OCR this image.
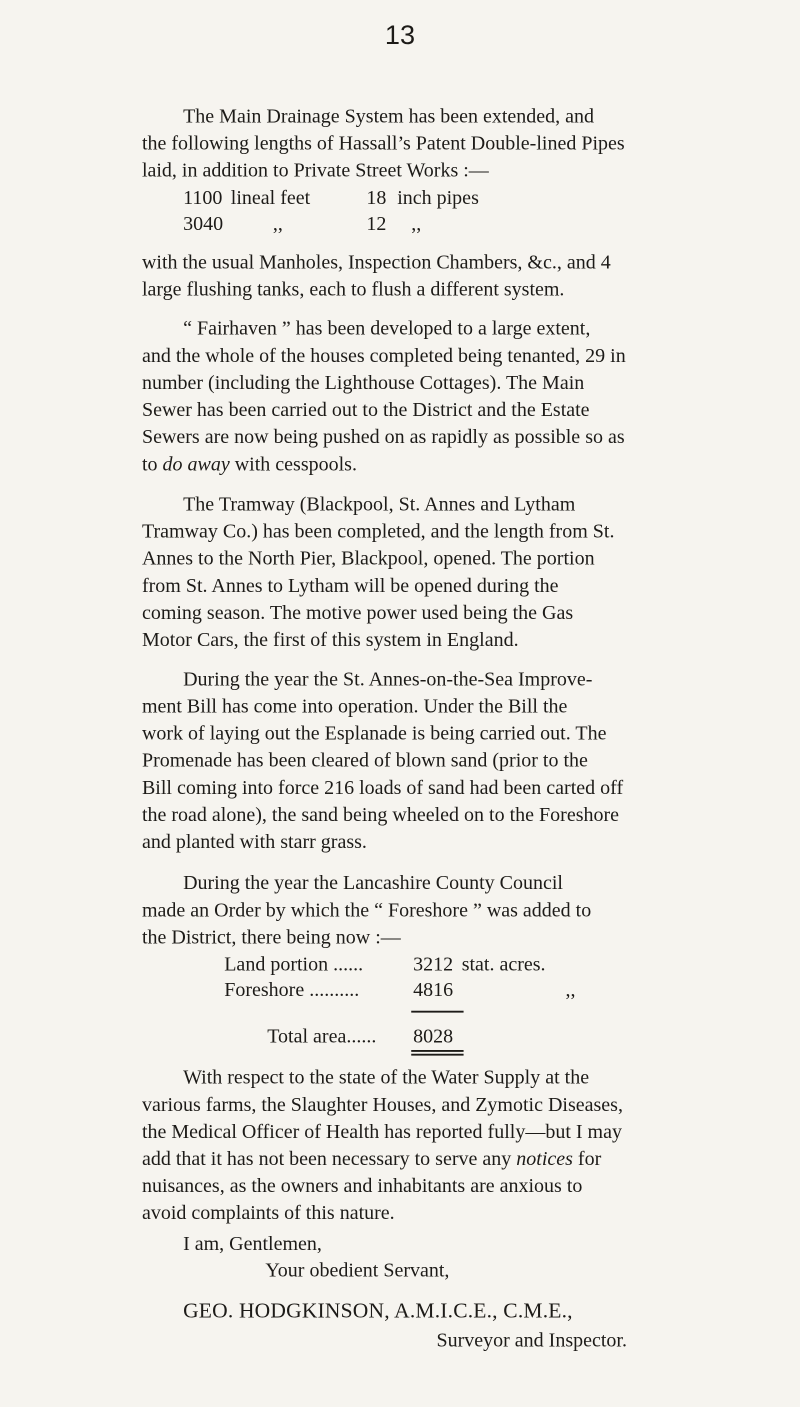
13
The Main Drainage System has been extended, and
the following lengths of Hassall’s Patent Double-lined Pipes
laid, in addition to Private Street Works :—
1100 lineal feet	18 inch pipes
3040 ,,	12 ,,
with the usual Manholes, Inspection Chambers, &c., and 4
large flushing tanks, each to flush a different system.
“ Fairhaven ” has been developed to a large extent,
and the whole of the houses completed being tenanted, 29 in
number (including the Lighthouse Cottages). The Main
Sewer has been carried out to the District and the Estate
Sewers are now being pushed on as rapidly as possible so as
to do away with cesspools.
The Tramway (Blackpool, St. Annes and Lytham
Tramway Co.) has been completed, and the length from St.
Annes to the North Pier, Blackpool, opened. The portion
from St. Annes to Lytham will be opened during the
coming season. The motive power used being the Gas
Motor Cars, the first of this system in England.
During the year the St. Annes-on-the-Sea Improve-
ment Bill has come into operation. Under the Bill the
work of laying out the Esplanade is being carried out. The
Promenade has been cleared of blown sand (prior to the
Bill coming into force 216 loads of sand had been carted off
the road alone), the sand being wheeled on to the Foreshore
and planted with starr grass.
During the year the Lancashire County Council
made an Order by which the “ Foreshore ” was added to
the District, there being now :—
Land portion ...... 3212 stat. acres.
Foreshore ..........	4816	,,
Total area...... 8028
With respect to the state of the Water Supply at the
various farms, the Slaughter Houses, and Zymotic Diseases,
the Medical Officer of Health has reported fully—but I may
add that it has not been necessary to serve any notices for
nuisances, as the owners and inhabitants are anxious to
avoid complaints of this nature.
I am, Gentlemen,
Your obedient Servant,
GEO. HODGKINSON, A.M.I.C.E., C.M.E.,
Surveyor and Inspector.
